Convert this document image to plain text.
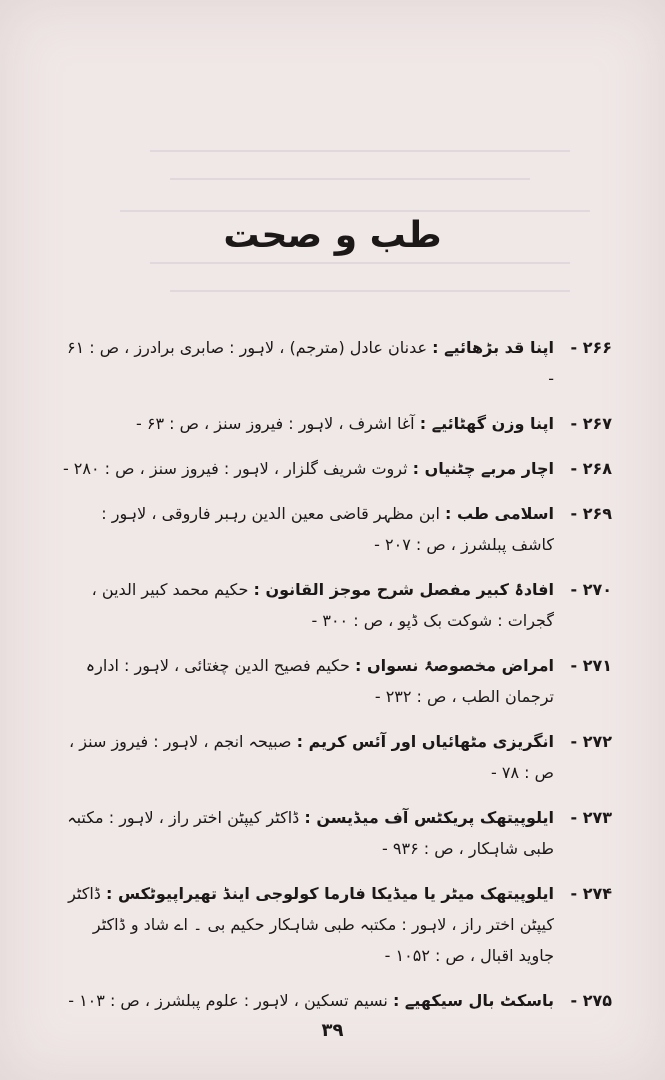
طب و صحت
۲۶۶ -
اپنا قد بڑھائیے : عدنان عادل (مترجم) ، لاہور : صابری برادرز ، ص : ۶۱ -
۲۶۷ -
اپنا وزن گھٹائیے : آغا اشرف ، لاہور : فیروز سنز ، ص : ۶۳ -
۲۶۸ -
اچار مربے چٹنیاں : ثروت شریف گلزار ، لاہور : فیروز سنز ، ص : ۲۸۰ -
۲۶۹ -
اسلامی طب : ابن مظہر قاضی معین الدین رہبر فاروقی ، لاہور : کاشف پبلشرز ، ص : ۲۰۷ -
۲۷۰ -
افادۂ کبیر مفصل شرح موجز القانون : حکیم محمد کبیر الدین ، گجرات : شوکت بک ڈپو ، ص : ۳۰۰ -
۲۷۱ -
امراض مخصوصۂ نسواں : حکیم فصیح الدین چغتائی ، لاہور : ادارہ ترجمان الطب ، ص : ۲۳۲ -
۲۷۲ -
انگریزی مٹھائیاں اور آئس کریم : صبیحہ انجم ، لاہور : فیروز سنز ، ص : ۷۸ -
۲۷۳ -
ایلوپیتھک پریکٹس آف میڈیسن : ڈاکٹر کیپٹن اختر راز ، لاہور : مکتبہ طبی شاہکار ، ص : ۹۳۶ -
۲۷۴ -
ایلوپیتھک میٹر یا میڈیکا فارما کولوجی اینڈ تھیراپیوٹکس : ڈاکٹر کیپٹن اختر راز ، لاہور : مکتبہ طبی شاہکار حکیم بی ۔ اے شاد و ڈاکٹر جاوید اقبال ، ص : ۱۰۵۲ -
۲۷۵ -
باسکٹ بال سیکھیے : نسیم تسکین ، لاہور : علوم پبلشرز ، ص : ۱۰۳ -
۳۹
